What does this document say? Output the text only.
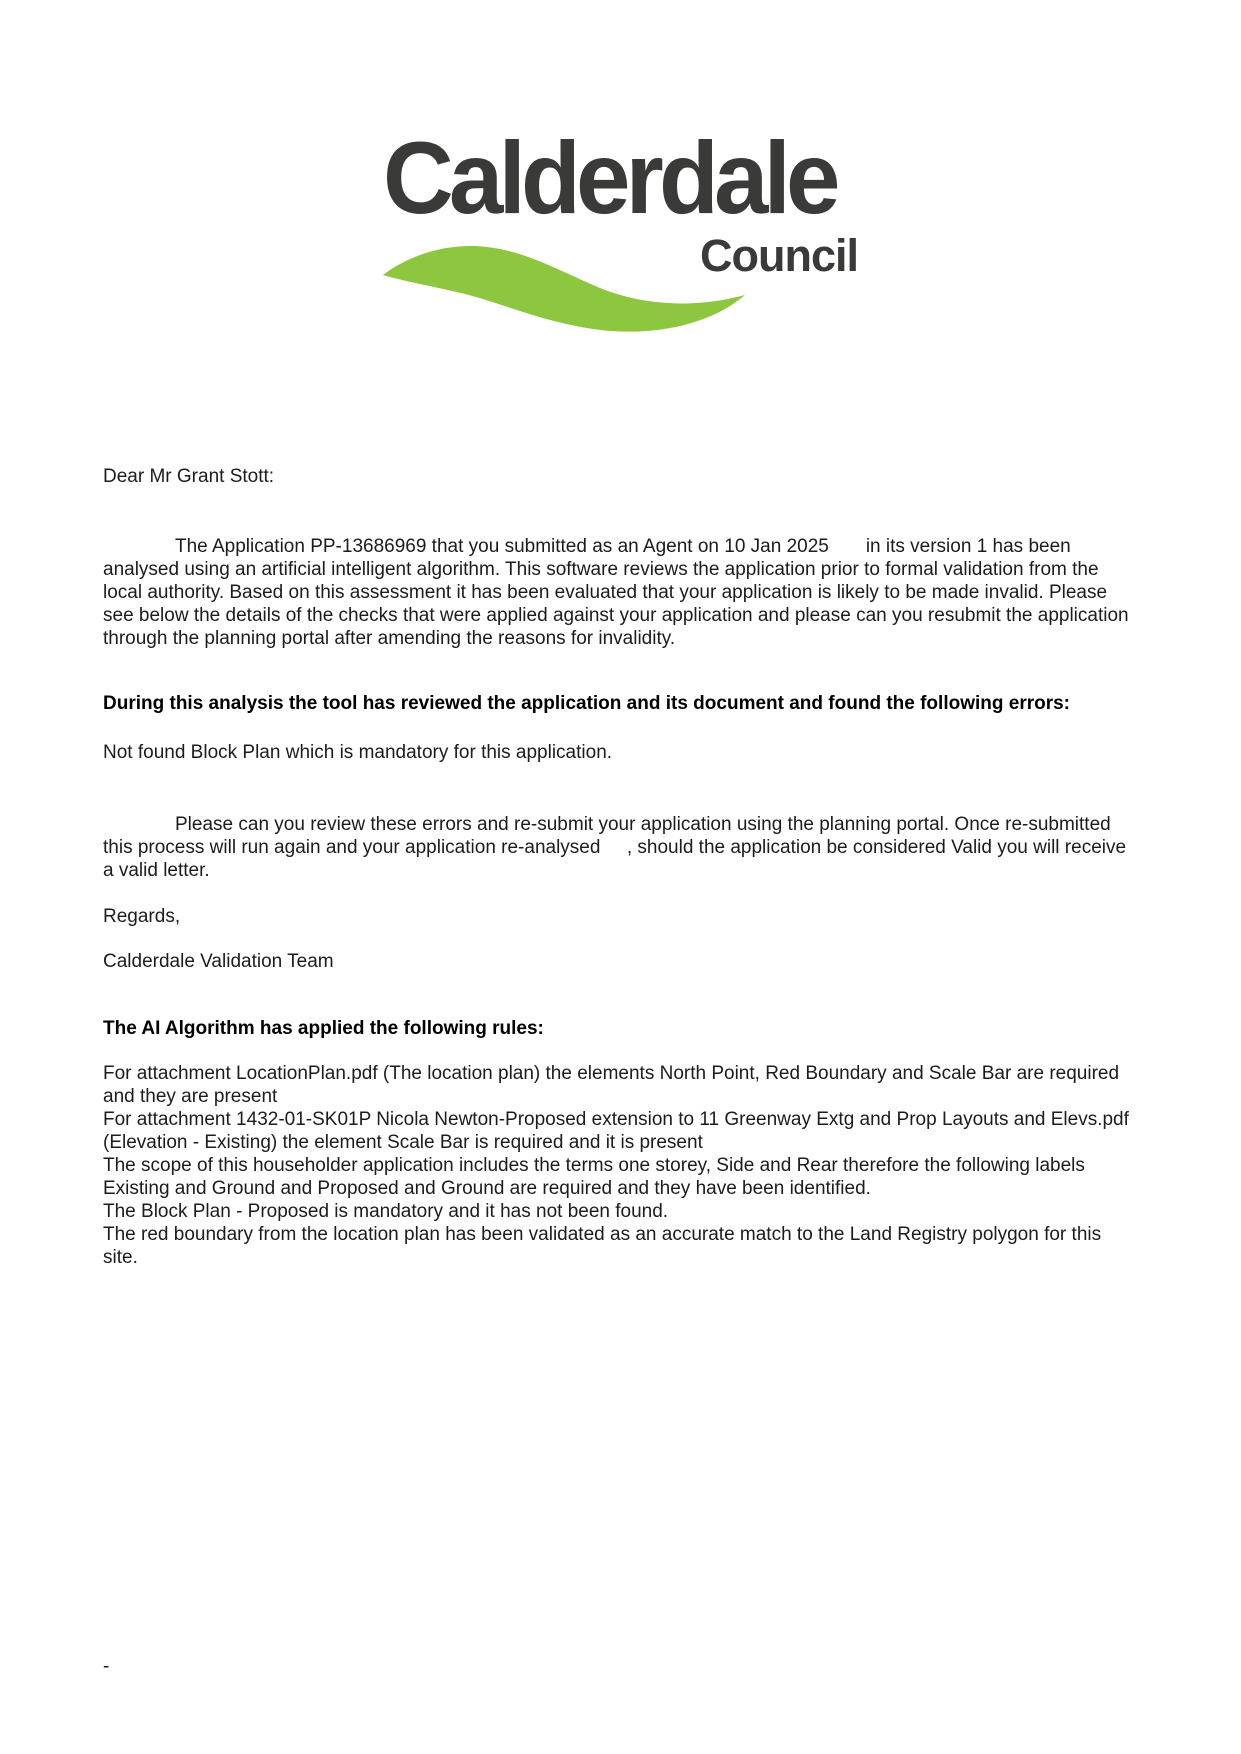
Calderdale
Council
Dear Mr Grant Stott:
The Application PP-13686969 that you submitted as an Agent on 10 Jan 2025       in its version 1 has been analysed using an artificial intelligent algorithm. This software reviews the application prior to formal validation from the local authority. Based on this assessment it has been evaluated that your application is likely to be made invalid. Please see below the details of the checks that were applied against your application and please can you resubmit the application through the planning portal after amending the reasons for invalidity.
During this analysis the tool has reviewed the application and its document and found the following errors:
Not found Block Plan which is mandatory for this application.
Please can you review these errors and re-submit your application using the planning portal. Once re-submitted this process will run again and your application re-analysed     , should the application be considered Valid you will receive a valid letter.
Regards,
Calderdale Validation Team
The AI Algorithm has applied the following rules:
For attachment LocationPlan.pdf (The location plan) the elements North Point, Red Boundary and Scale Bar are required and they are present
For attachment 1432-01-SK01P Nicola Newton-Proposed extension to 11 Greenway Extg and Prop Layouts and Elevs.pdf (Elevation - Existing) the element Scale Bar is required and it is present
The scope of this householder application includes the terms one storey, Side and Rear therefore the following labels Existing and Ground and Proposed and Ground are required and they have been identified.
The Block Plan - Proposed is mandatory and it has not been found.
The red boundary from the location plan has been validated as an accurate match to the Land Registry polygon for this site.
-
